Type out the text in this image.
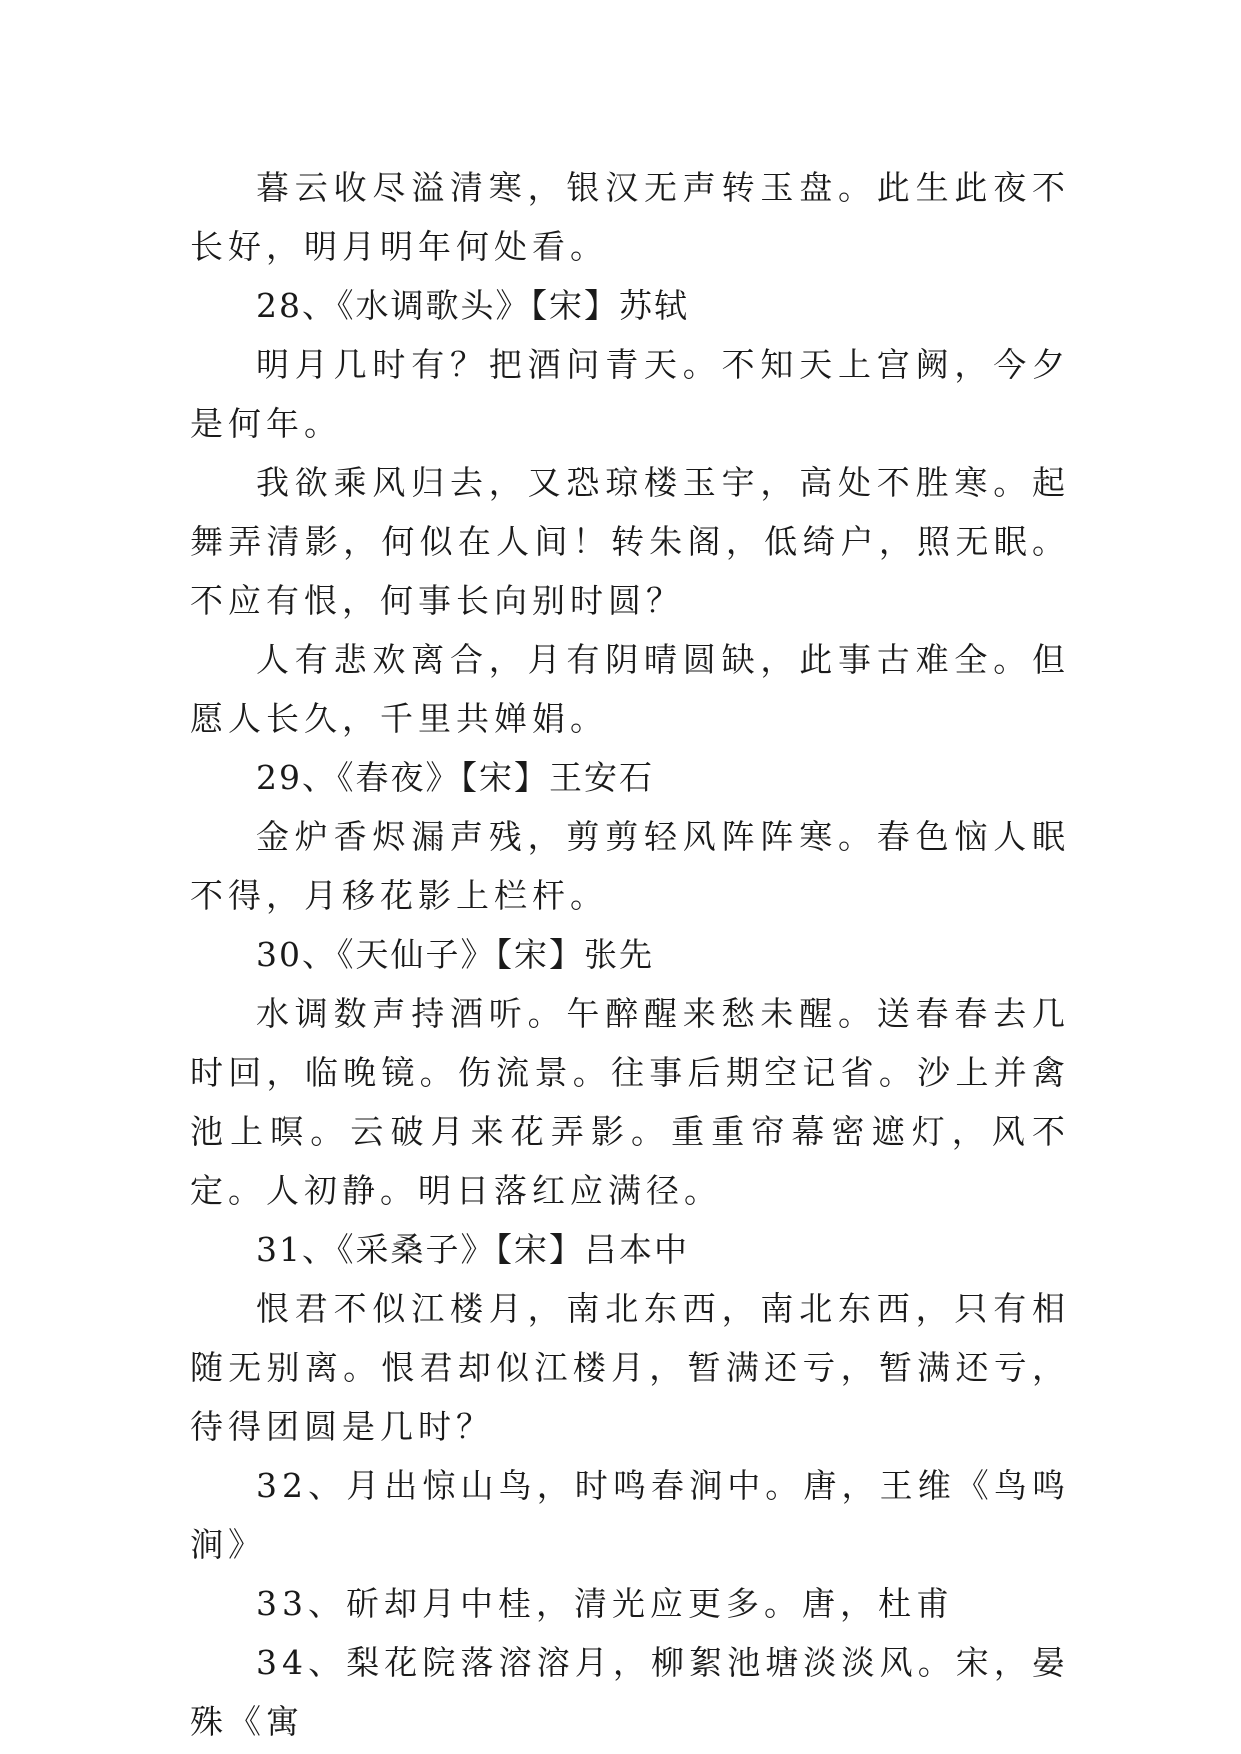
暮云收尽溢清寒，银汉无声转玉盘。此生此夜不长好，明月明年何处看。

28、《水调歌头》【宋】苏轼

明月几时有？把酒问青天。不知天上宫阙，今夕是何年。

我欲乘风归去，又恐琼楼玉宇，高处不胜寒。起舞弄清影，何似在人间！转朱阁，低绮户，照无眠。不应有恨，何事长向别时圆？

人有悲欢离合，月有阴晴圆缺，此事古难全。但愿人长久，千里共婵娟。

29、《春夜》【宋】王安石

金炉香烬漏声残，剪剪轻风阵阵寒。春色恼人眠不得，月移花影上栏杆。

30、《天仙子》【宋】张先

水调数声持酒听。午醉醒来愁未醒。送春春去几时回，临晚镜。伤流景。往事后期空记省。沙上并禽池上暝。云破月来花弄影。重重帘幕密遮灯，风不定。人初静。明日落红应满径。

31、《采桑子》【宋】吕本中

恨君不似江楼月，南北东西，南北东西，只有相随无别离。恨君却似江楼月，暂满还亏，暂满还亏，待得团圆是几时？

32、月出惊山鸟，时鸣春涧中。唐，王维《鸟鸣涧》

33、斫却月中桂，清光应更多。唐，杜甫

34、梨花院落溶溶月，柳絮池塘淡淡风。宋，晏殊《寓
